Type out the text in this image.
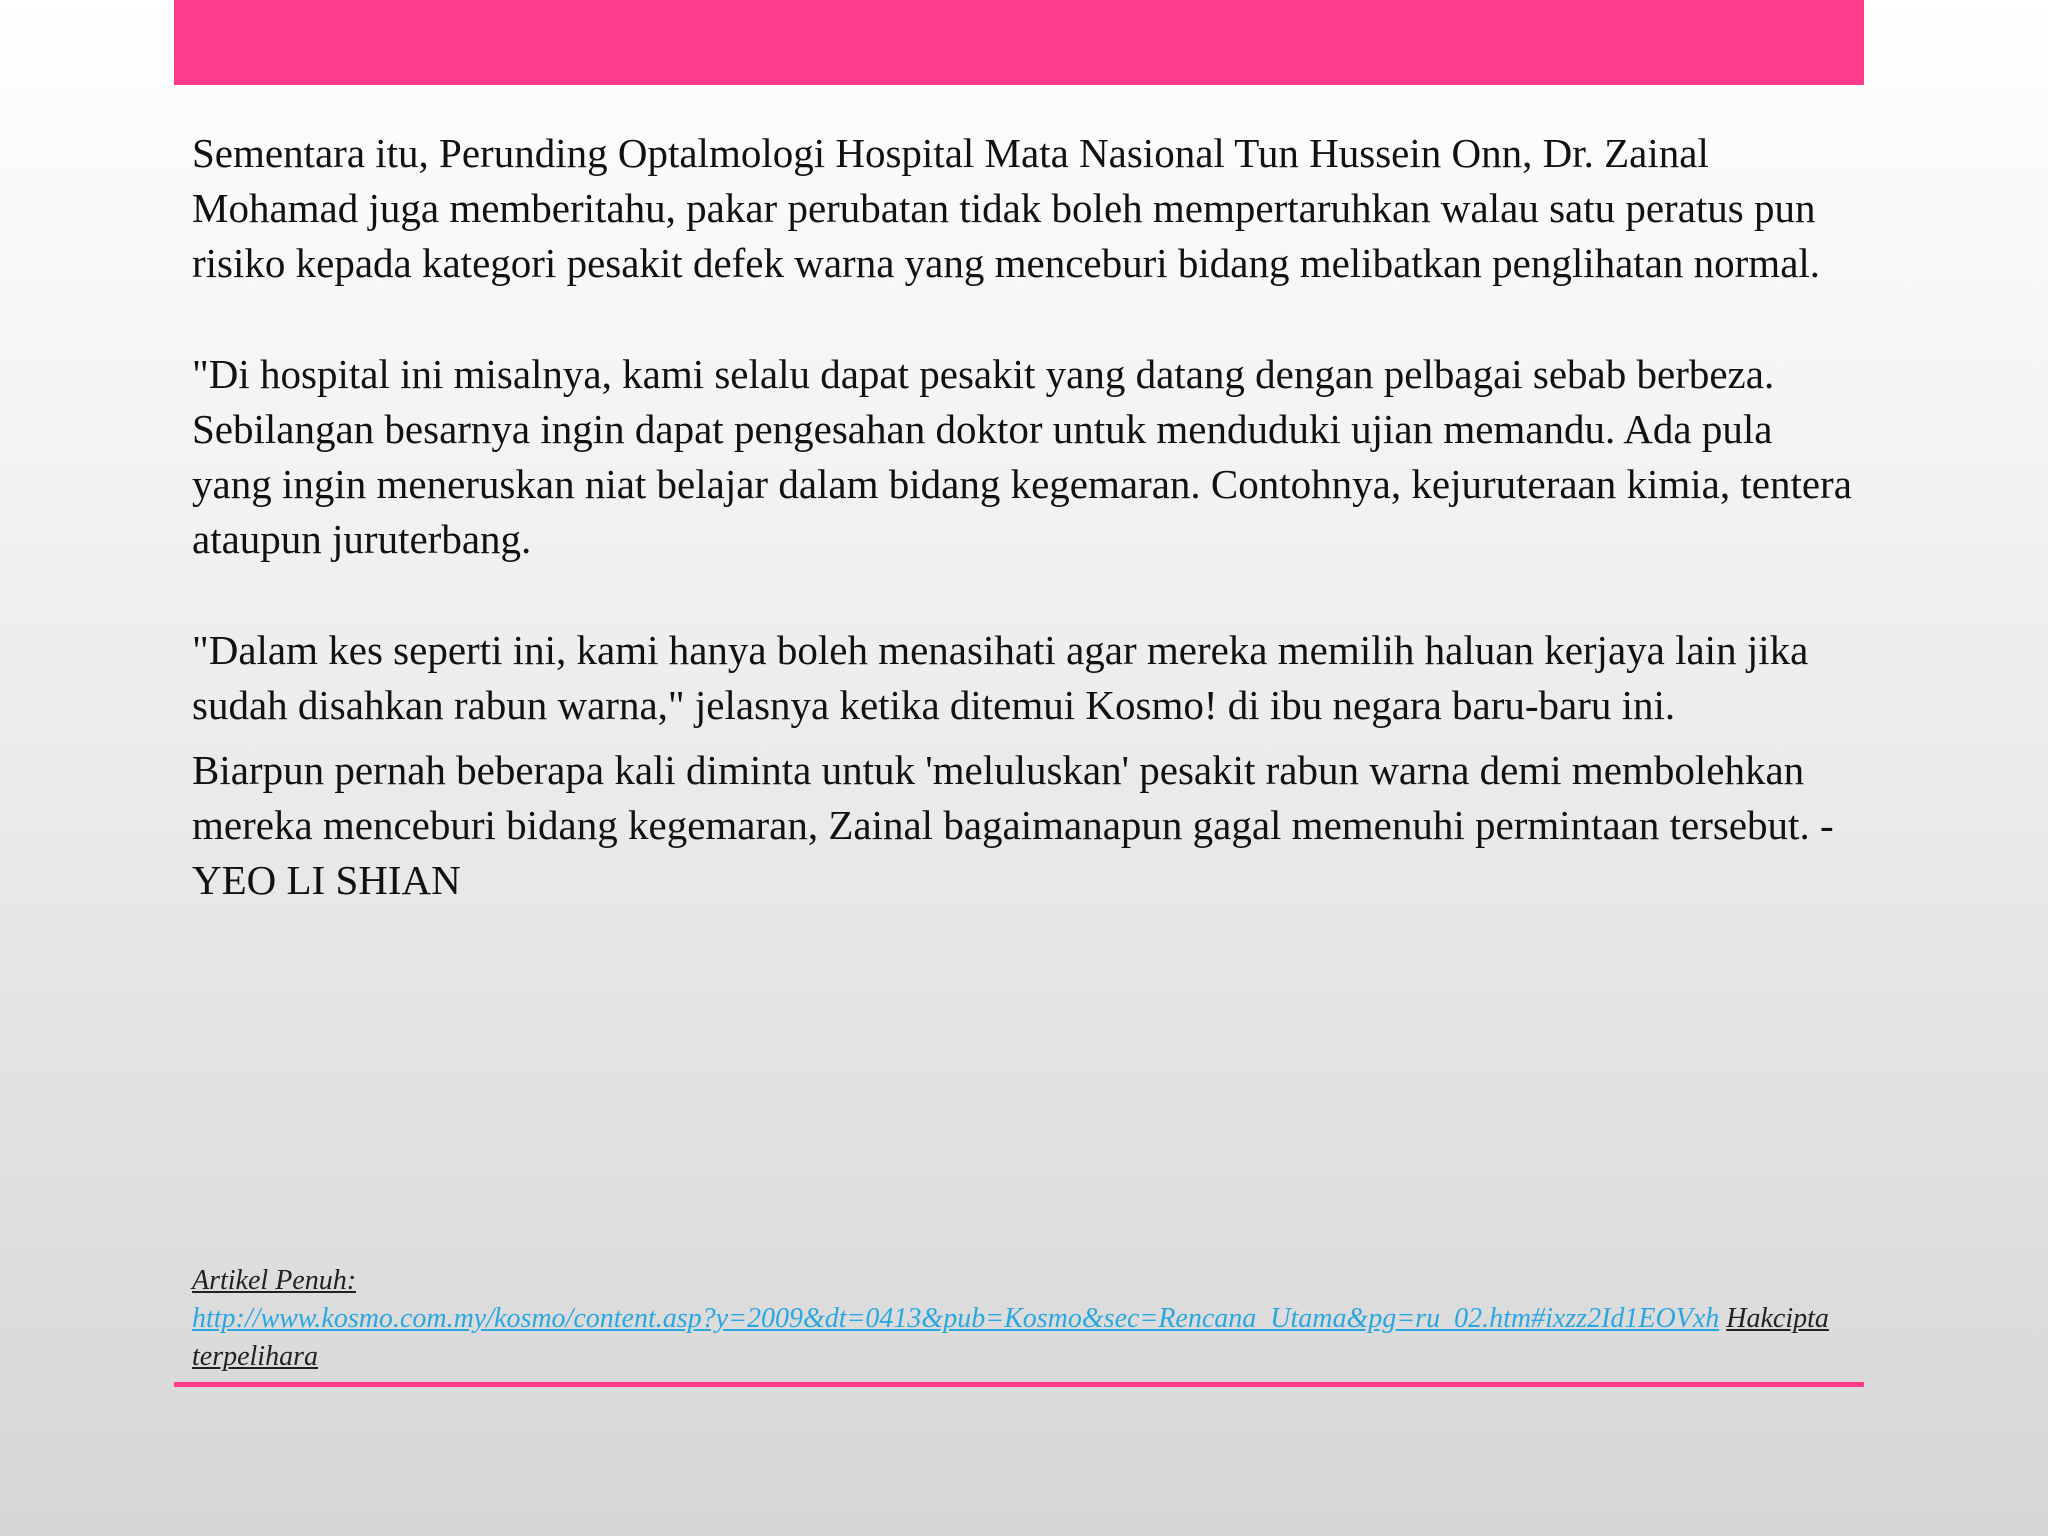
Sementara itu, Perunding Optalmologi Hospital Mata Nasional Tun Hussein Onn, Dr. Zainal Mohamad juga memberitahu, pakar perubatan tidak boleh mempertaruhkan walau satu peratus pun risiko kepada kategori pesakit defek warna yang menceburi bidang melibatkan penglihatan normal.

"Di hospital ini misalnya, kami selalu dapat pesakit yang datang dengan pelbagai sebab berbeza. Sebilangan besarnya ingin dapat pengesahan doktor untuk menduduki ujian memandu. Ada pula yang ingin meneruskan niat belajar dalam bidang kegemaran. Contohnya, kejuruteraan kimia, tentera ataupun juruterbang.

"Dalam kes seperti ini, kami hanya boleh menasihati agar mereka memilih haluan kerjaya lain jika sudah disahkan rabun warna," jelasnya ketika ditemui Kosmo! di ibu negara baru-baru ini.

Biarpun pernah beberapa kali diminta untuk 'meluluskan' pesakit rabun warna demi membolehkan mereka menceburi bidang kegemaran, Zainal bagaimanapun gagal memenuhi permintaan tersebut. - YEO LI SHIAN

Artikel Penuh:
http://www.kosmo.com.my/kosmo/content.asp?y=2009&dt=0413&pub=Kosmo&sec=Rencana_Utama&pg=ru_02.htm#ixzz2Id1EOVxh Hakcipta terpelihara
